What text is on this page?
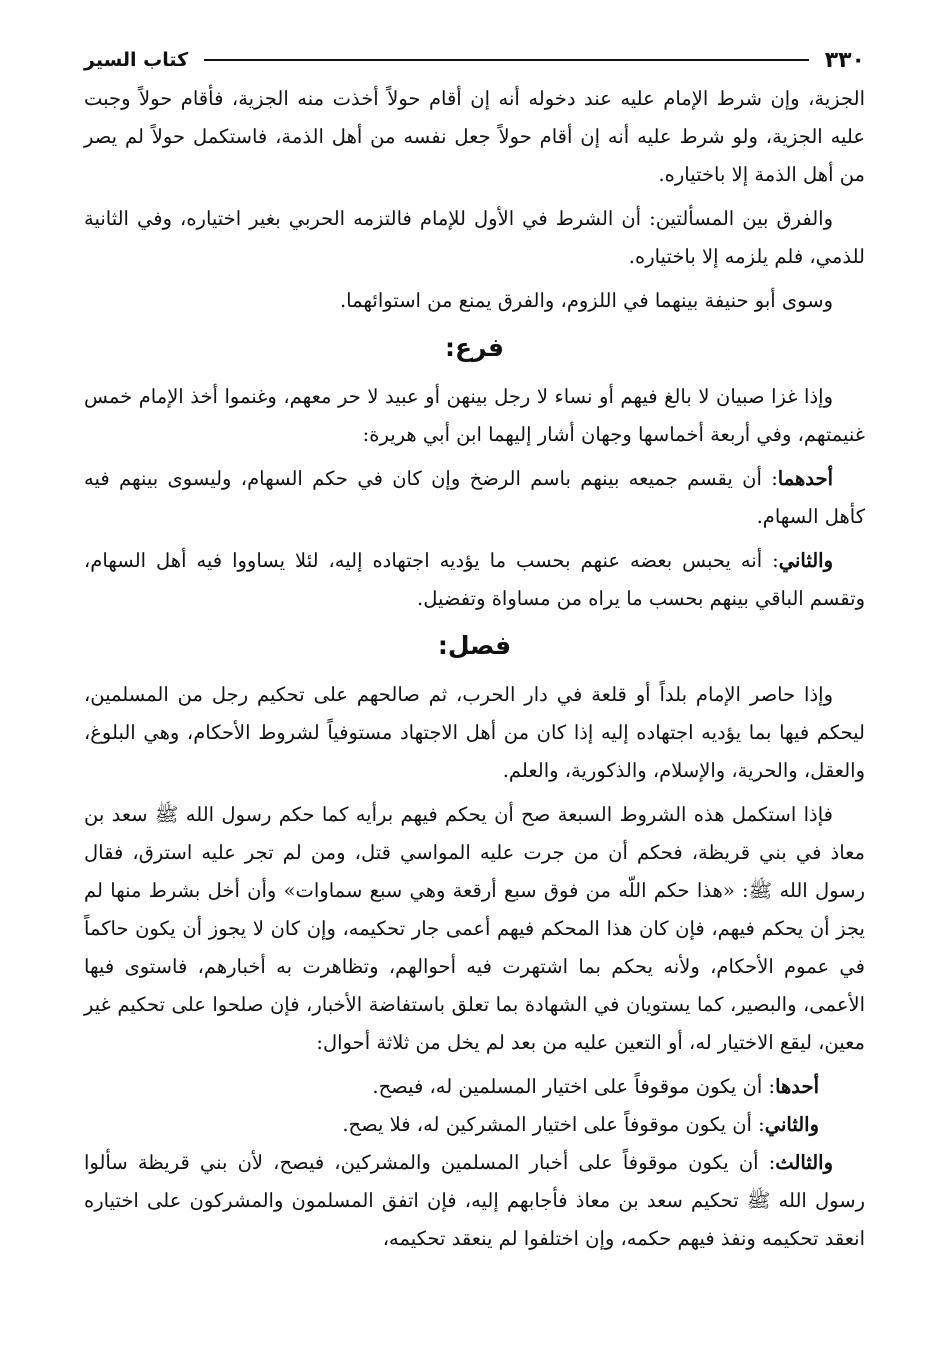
٣٣٠
كتاب السير

الجزية، وإن شرط الإمام عليه عند دخوله أنه إن أقام حولاً أخذت منه الجزية، فأقام حولاً وجبت عليه الجزية، ولو شرط عليه أنه إن أقام حولاً جعل نفسه من أهل الذمة، فاستكمل حولاً لم يصر من أهل الذمة إلا باختياره.

والفرق بين المسألتين: أن الشرط في الأول للإمام فالتزمه الحربي بغير اختياره، وفي الثانية للذمي، فلم يلزمه إلا باختياره.

وسوى أبو حنيفة بينهما في اللزوم، والفرق يمنع من استوائهما.

فرع:

وإذا غزا صبيان لا بالغ فيهم أو نساء لا رجل بينهن أو عبيد لا حر معهم، وغنموا أخذ الإمام خمس غنيمتهم، وفي أربعة أخماسها وجهان أشار إليهما ابن أبي هريرة:

أحدهما: أن يقسم جميعه بينهم باسم الرضخ وإن كان في حكم السهام، وليسوى بينهم فيه كأهل السهام.

والثاني: أنه يحبس بعضه عنهم بحسب ما يؤديه اجتهاده إليه، لئلا يساووا فيه أهل السهام، وتقسم الباقي بينهم بحسب ما يراه من مساواة وتفضيل.

فصل:

وإذا حاصر الإمام بلداً أو قلعة في دار الحرب، ثم صالحهم على تحكيم رجل من المسلمين، ليحكم فيها بما يؤديه اجتهاده إليه إذا كان من أهل الاجتهاد مستوفياً لشروط الأحكام، وهي البلوغ، والعقل، والحرية، والإسلام، والذكورية، والعلم.

فإذا استكمل هذه الشروط السبعة صح أن يحكم فيهم برأيه كما حكم رسول الله ﷺ سعد بن معاذ في بني قريظة، فحكم أن من جرت عليه المواسي قتل، ومن لم تجر عليه استرق، فقال رسول الله ﷺ: «هذا حكم اللّه من فوق سبع أرقعة وهي سبع سماوات» وأن أخل بشرط منها لم يجز أن يحكم فيهم، فإن كان هذا المحكم فيهم أعمى جار تحكيمه، وإن كان لا يجوز أن يكون حاكماً في عموم الأحكام، ولأنه يحكم بما اشتهرت فيه أحوالهم، وتظاهرت به أخبارهم، فاستوى فيها الأعمى، والبصير، كما يستويان في الشهادة بما تعلق باستفاضة الأخبار، فإن صلحوا على تحكيم غير معين، ليقع الاختيار له، أو التعين عليه من بعد لم يخل من ثلاثة أحوال:

أحدها: أن يكون موقوفاً على اختيار المسلمين له، فيصح.

والثاني: أن يكون موقوفاً على اختيار المشركين له، فلا يصح.

والثالث: أن يكون موقوفاً على أخبار المسلمين والمشركين، فيصح، لأن بني قريظة سألوا رسول الله ﷺ تحكيم سعد بن معاذ فأجابهم إليه، فإن اتفق المسلمون والمشركون على اختياره انعقد تحكيمه ونفذ فيهم حكمه، وإن اختلفوا لم ينعقد تحكيمه،
